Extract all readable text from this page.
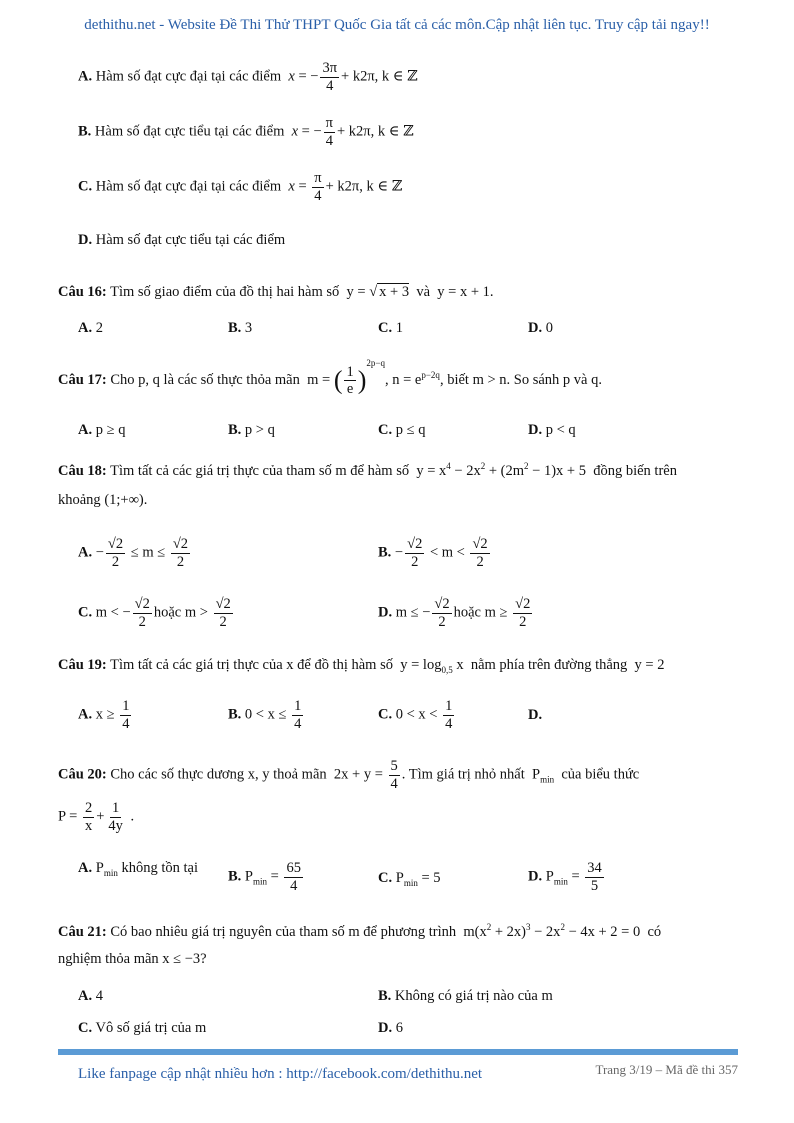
dethithu.net - Website Đề Thi Thử THPT Quốc Gia tất cả các môn.Cập nhật liên tục. Truy cập tải ngay!!
A. Hàm số đạt cực đại tại các điểm x = − $\frac{3\pi}{4} + k2\pi$, k ∈ ℤ
B. Hàm số đạt cực tiểu tại các điểm x = − $\frac{\pi}{4} + k2\pi$, k ∈ ℤ
C. Hàm số đạt cực đại tại các điểm $x = \frac{\pi}{4} + k2\pi$, k ∈ ℤ
D. Hàm số đạt cực tiểu tại các điểm
Câu 16: Tìm số giao điểm của đồ thị hai hàm số  y = √ x + 3 và y = x + 1.
A. 2	B. 3	C. 1	D. 0
Câu 17: Cho p, q là các số thực thỏa mãn  m = ( $\frac{1}{e} )^{2p-q}$, $n = e^{p-2q}$, biết m > n. So sánh p và q.
A. p ≥ q	B. p > q	C. p ≤ q	D. p < q
Câu 18: Tìm tất cả các giá trị thực của tham số m để hàm số  $y = x^4 - 2x^2 + (2m^2 - 1)x + 5$  đồng biến trên
khoảng (1;+∞).
A. − $\frac{√2}{2} \le m \le \frac{√2}{2}$	B. − $\frac{√2}{2} < m < \frac{√2}{2}$
C. m < − $\frac{√2}{2}$ hoặc $m > \frac{√2}{2}$	D. m ≤ − $\frac{√2}{2}$ hoặc $m \ge \frac{√2}{2}$
Câu 19: Tìm tất cả các giá trị thực của x để đồ thị hàm số  $y = \log_{0,5} x$  nằm phía trên đường thẳng y = 2
A. $x \ge \frac{1}{4}$	B. $0 < x \le \frac{1}{4}$	C. $0 < x < \frac{1}{4}$	D.
Câu 20: Cho các số thực dương x, y thoả mãn  $2x + y = \frac{5}{4}$ . Tìm giá trị nhỏ nhất  $P_{min}$ của biểu thức
$P = \frac{2}{x} + \frac{1}{4y}$ .
A. $P_{min}$ không tồn tại
B. $P_{min} = \frac{65}{4}$	C. $P_{min} = 5$	D. $P_{min} = \frac{34}{5}$
Câu 21: Có bao nhiêu giá trị nguyên của tham số m để phương trình  $m(x^2 + 2x)^3 - 2x^2 - 4x + 2 = 0$  có
nghiệm thỏa mãn x ≤ −3?
A. 4	B. Không có giá trị nào của m
C. Vô số giá trị của m	D. 6
Like fanpage cập nhật nhiều hơn : http://facebook.com/dethithu.net	Trang 3/19 – Mã đề thi 357
